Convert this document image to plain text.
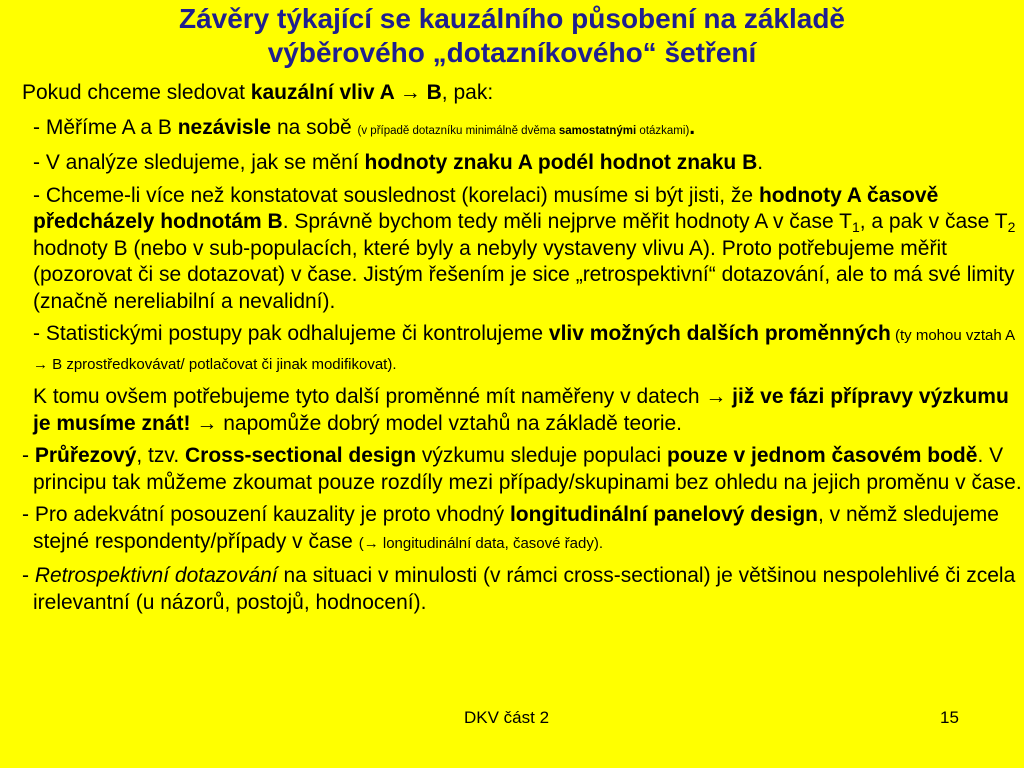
Závěry týkající se kauzálního působení na základě
výběrového „dotazníkového“ šetření
Pokud chceme sledovat kauzální vliv A → B, pak:
- Měříme A a B nezávisle na sobě (v případě dotazníku minimálně dvěma samostatnými otázkami).
- V analýze sledujeme, jak se mění hodnoty znaku A podél hodnot znaku B.
- Chceme-li více než konstatovat souslednost (korelaci) musíme si být jisti, že hodnoty A časově předcházely hodnotám B. Správně bychom tedy měli nejprve měřit hodnoty A v čase $T_1$, a pak v čase $T_2$ hodnoty B (nebo v sub-populacích, které byly a nebyly vystaveny vlivu A). Proto potřebujeme měřit (pozorovat či se dotazovat) v čase. Jistým řešením je sice „retrospektivní“ dotazování, ale to má své limity (značně nereliabilní a nevalidní).
- Statistickými postupy pak odhalujeme či kontrolujeme vliv možných dalších proměnných (ty mohou vztah A → B zprostředkovávat/ potlačovat či jinak modifikovat).
K tomu ovšem potřebujeme tyto další proměnné mít naměřeny v datech → již ve fázi přípravy výzkumu je musíme znát! → napomůže dobrý model vztahů na základě teorie.
- Průřezový, tzv. Cross-sectional design výzkumu sleduje populaci pouze v jednom časovém bodě. V principu tak můžeme zkoumat pouze rozdíly mezi případy/skupinami bez ohledu na jejich proměnu v čase.
- Pro adekvátní posouzení kauzality je proto vhodný longitudinální panelový design, v němž sledujeme stejné respondenty/případy v čase (→ longitudinální data, časové řady).
- Retrospektivní dotazování na situaci v minulosti (v rámci cross-sectional) je většinou nespolehlivé či zcela irelevantní (u názorů, postojů, hodnocení).
DKV část 2	15
